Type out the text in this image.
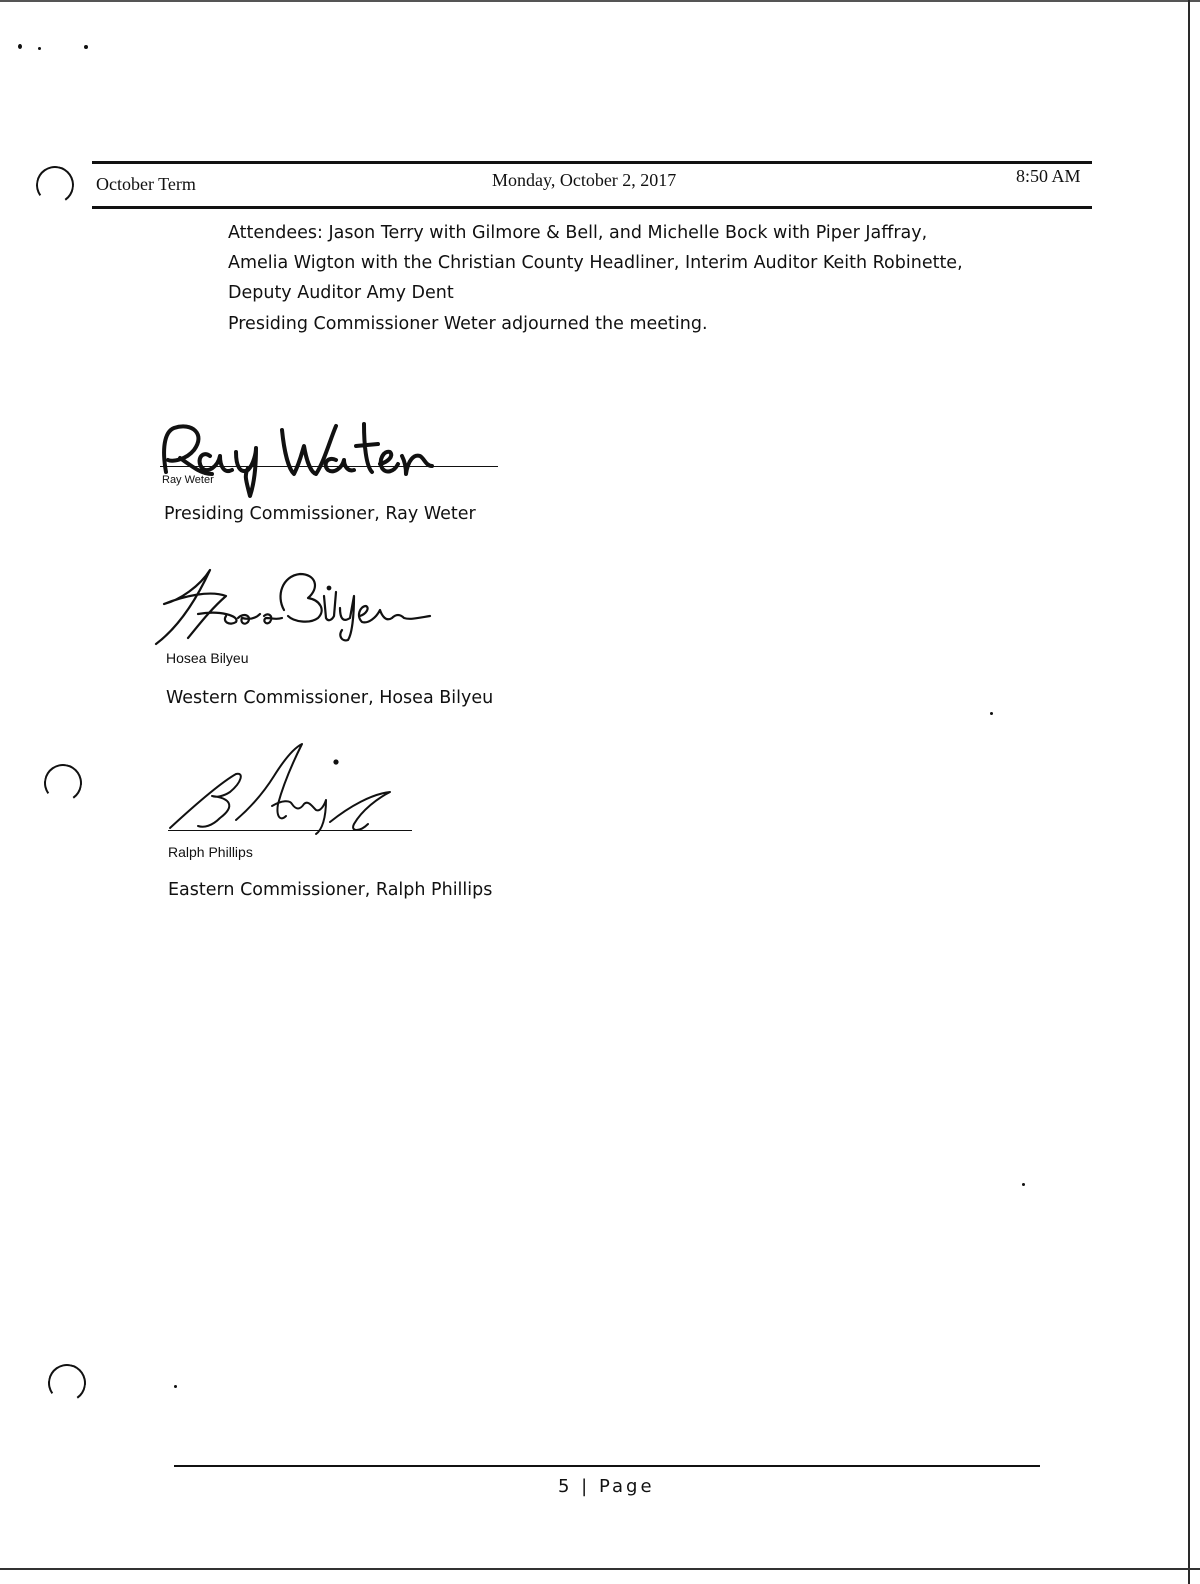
October Term	Monday, October 2, 2017	8:50 AM
Attendees: Jason Terry with Gilmore & Bell, and Michelle Bock with Piper Jaffray,
Amelia Wigton with the Christian County Headliner, Interim Auditor Keith Robinette,
Deputy Auditor Amy Dent
Presiding Commissioner Weter adjourned the meeting.
Ray Weter
Presiding Commissioner, Ray Weter
Hosea Bilyeu
Western Commissioner, Hosea Bilyeu
Ralph Phillips
Eastern Commissioner, Ralph Phillips
5 | Page
